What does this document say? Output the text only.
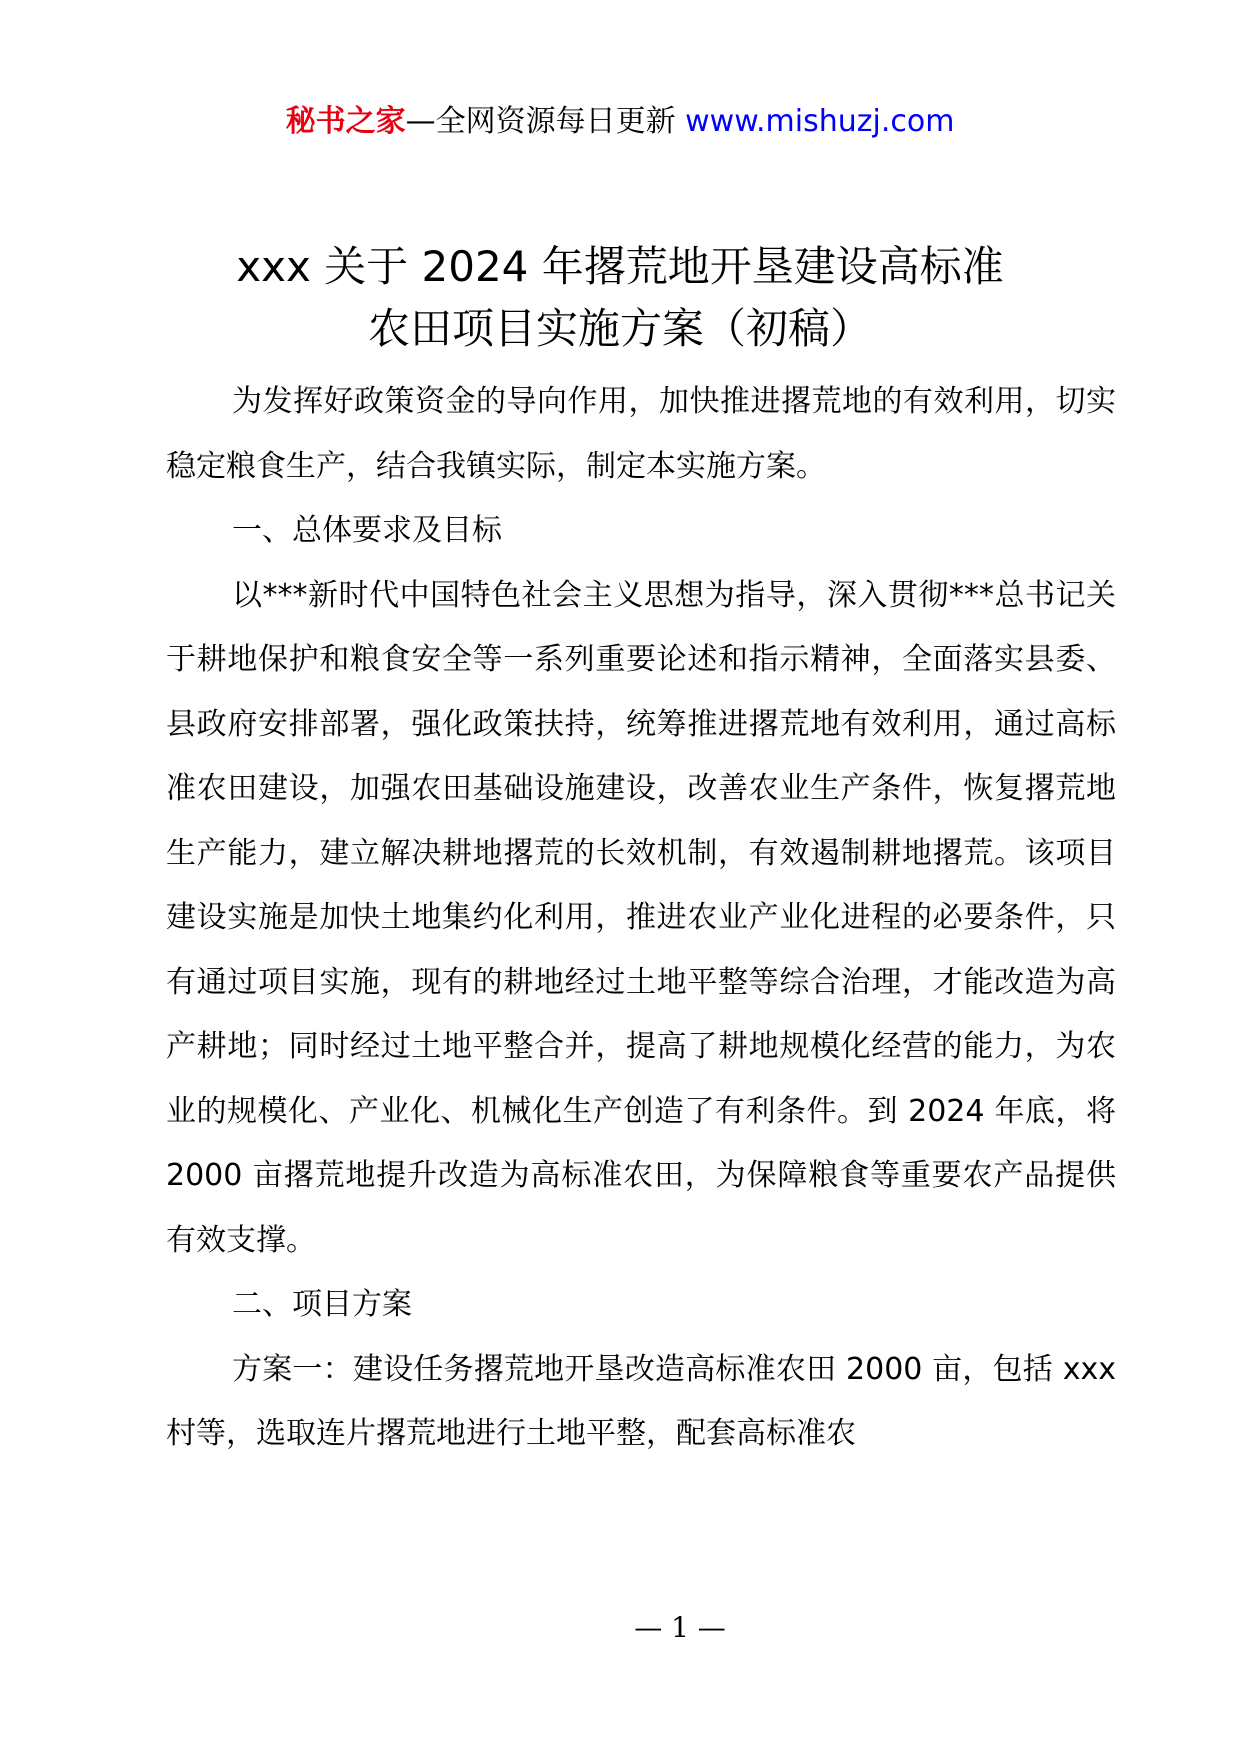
秘书之家—全网资源每日更新 www.mishuzj.com
xxx 关于 2024 年撂荒地开垦建设高标准
农田项目实施方案（初稿）

为发挥好政策资金的导向作用，加快推进撂荒地的有效利用，切实稳定粮食生产，结合我镇实际，制定本实施方案。

一、总体要求及目标

以***新时代中国特色社会主义思想为指导，深入贯彻***总书记关于耕地保护和粮食安全等一系列重要论述和指示精神，全面落实县委、县政府安排部署，强化政策扶持，统筹推进撂荒地有效利用，通过高标准农田建设，加强农田基础设施建设，改善农业生产条件，恢复撂荒地生产能力，建立解决耕地撂荒的长效机制，有效遏制耕地撂荒。该项目建设实施是加快土地集约化利用，推进农业产业化进程的必要条件，只有通过项目实施，现有的耕地经过土地平整等综合治理，才能改造为高产耕地；同时经过土地平整合并，提高了耕地规模化经营的能力，为农业的规模化、产业化、机械化生产创造了有利条件。到 2024 年底，将 2000 亩撂荒地提升改造为高标准农田，为保障粮食等重要农产品提供有效支撑。

二、项目方案

方案一：建设任务撂荒地开垦改造高标准农田 2000 亩，包括 xxx 村等，选取连片撂荒地进行土地平整，配套高标准农

— 1 —
